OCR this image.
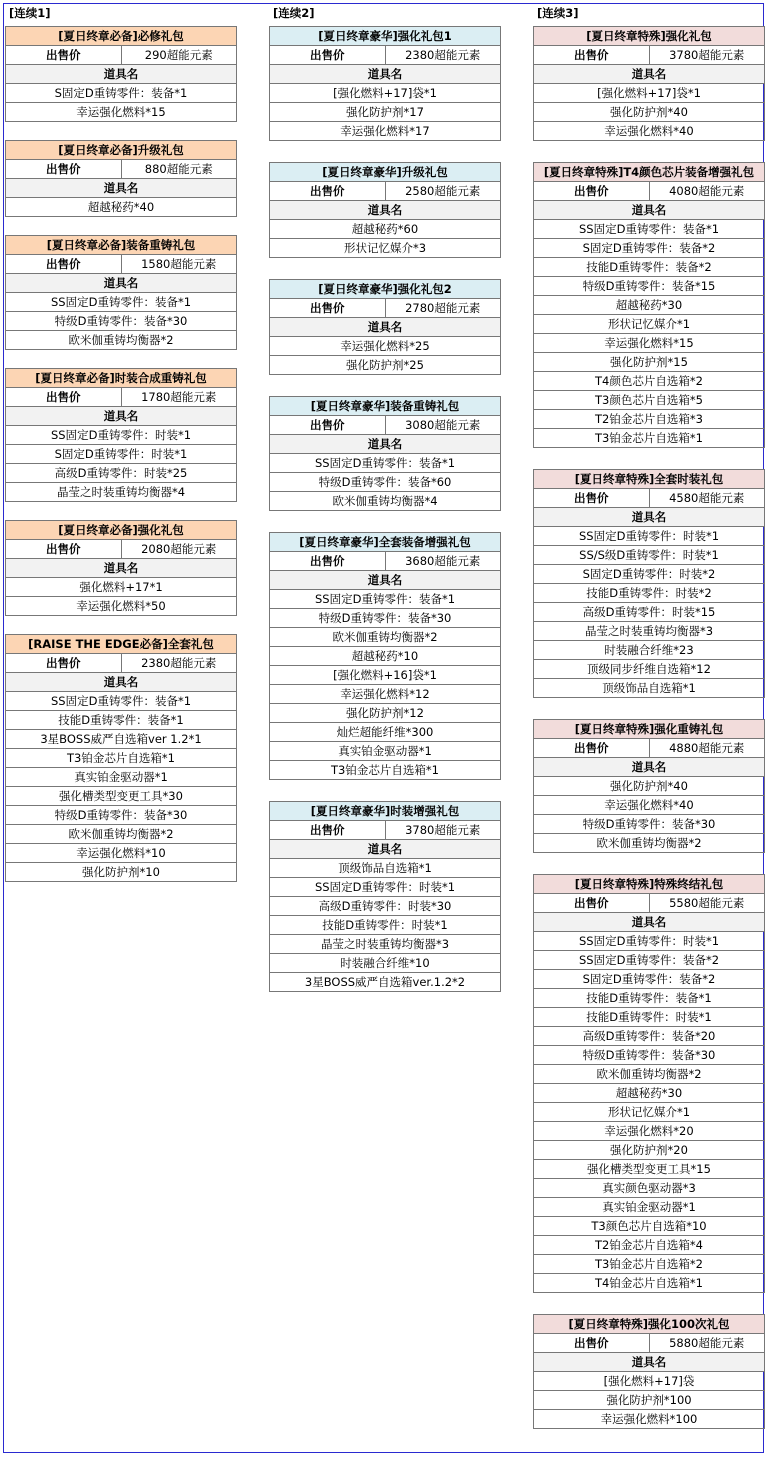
[连续1]
[夏日终章必备]必修礼包
出售价	290超能元素
道具名
S固定D重铸零件：装备*1
幸运强化燃料*15
[夏日终章必备]升级礼包
出售价	880超能元素
道具名
超越秘药*40
[夏日终章必备]装备重铸礼包
出售价	1580超能元素
道具名
SS固定D重铸零件：装备*1
特级D重铸零件：装备*30
欧米伽重铸均衡器*2
[夏日终章必备]时装合成重铸礼包
出售价	1780超能元素
道具名
SS固定D重铸零件：时装*1
S固定D重铸零件：时装*1
高级D重铸零件：时装*25
晶莹之时装重铸均衡器*4
[夏日终章必备]强化礼包
出售价	2080超能元素
道具名
强化燃料+17*1
幸运强化燃料*50
[RAISE THE EDGE必备]全套礼包
出售价	2380超能元素
道具名
SS固定D重铸零件：装备*1
技能D重铸零件：装备*1
3星BOSS威严自选箱ver 1.2*1
T3铂金芯片自选箱*1
真实铂金驱动器*1
强化槽类型变更工具*30
特级D重铸零件：装备*30
欧米伽重铸均衡器*2
幸运强化燃料*10
强化防护剂*10
[连续2]
[夏日终章豪华]强化礼包1
出售价	2380超能元素
道具名
[强化燃料+17]袋*1
强化防护剂*17
幸运强化燃料*17
[夏日终章豪华]升级礼包
出售价	2580超能元素
道具名
超越秘药*60
形状记忆媒介*3
[夏日终章豪华]强化礼包2
出售价	2780超能元素
道具名
幸运强化燃料*25
强化防护剂*25
[夏日终章豪华]装备重铸礼包
出售价	3080超能元素
道具名
SS固定D重铸零件：装备*1
特级D重铸零件：装备*60
欧米伽重铸均衡器*4
[夏日终章豪华]全套装备增强礼包
出售价	3680超能元素
道具名
SS固定D重铸零件：装备*1
特级D重铸零件：装备*30
欧米伽重铸均衡器*2
超越秘药*10
[强化燃料+16]袋*1
幸运强化燃料*12
强化防护剂*12
灿烂超能纤维*300
真实铂金驱动器*1
T3铂金芯片自选箱*1
[夏日终章豪华]时装增强礼包
出售价	3780超能元素
道具名
顶级饰品自选箱*1
SS固定D重铸零件：时装*1
高级D重铸零件：时装*30
技能D重铸零件：时装*1
晶莹之时装重铸均衡器*3
时装融合纤维*10
3星BOSS威严自选箱ver.1.2*2
[连续3]
[夏日终章特殊]强化礼包
出售价	3780超能元素
道具名
[强化燃料+17]袋*1
强化防护剂*40
幸运强化燃料*40
[夏日终章特殊]T4颜色芯片装备增强礼包
出售价	4080超能元素
道具名
SS固定D重铸零件：装备*1
S固定D重铸零件：装备*2
技能D重铸零件：装备*2
特级D重铸零件：装备*15
超越秘药*30
形状记忆媒介*1
幸运强化燃料*15
强化防护剂*15
T4颜色芯片自选箱*2
T3颜色芯片自选箱*5
T2铂金芯片自选箱*3
T3铂金芯片自选箱*1
[夏日终章特殊]全套时装礼包
出售价	4580超能元素
道具名
SS固定D重铸零件：时装*1
SS/S级D重铸零件：时装*1
S固定D重铸零件：时装*2
技能D重铸零件：时装*2
高级D重铸零件：时装*15
晶莹之时装重铸均衡器*3
时装融合纤维*23
顶级同步纤维自选箱*12
顶级饰品自选箱*1
[夏日终章特殊]强化重铸礼包
出售价	4880超能元素
道具名
强化防护剂*40
幸运强化燃料*40
特级D重铸零件：装备*30
欧米伽重铸均衡器*2
[夏日终章特殊]特殊终结礼包
出售价	5580超能元素
道具名
SS固定D重铸零件：时装*1
SS固定D重铸零件：装备*2
S固定D重铸零件：装备*2
技能D重铸零件：装备*1
技能D重铸零件：时装*1
高级D重铸零件：装备*20
特级D重铸零件：装备*30
欧米伽重铸均衡器*2
超越秘药*30
形状记忆媒介*1
幸运强化燃料*20
强化防护剂*20
强化槽类型变更工具*15
真实颜色驱动器*3
真实铂金驱动器*1
T3颜色芯片自选箱*10
T2铂金芯片自选箱*4
T3铂金芯片自选箱*2
T4铂金芯片自选箱*1
[夏日终章特殊]强化100次礼包
出售价	5880超能元素
道具名
[强化燃料+17]袋
强化防护剂*100
幸运强化燃料*100
